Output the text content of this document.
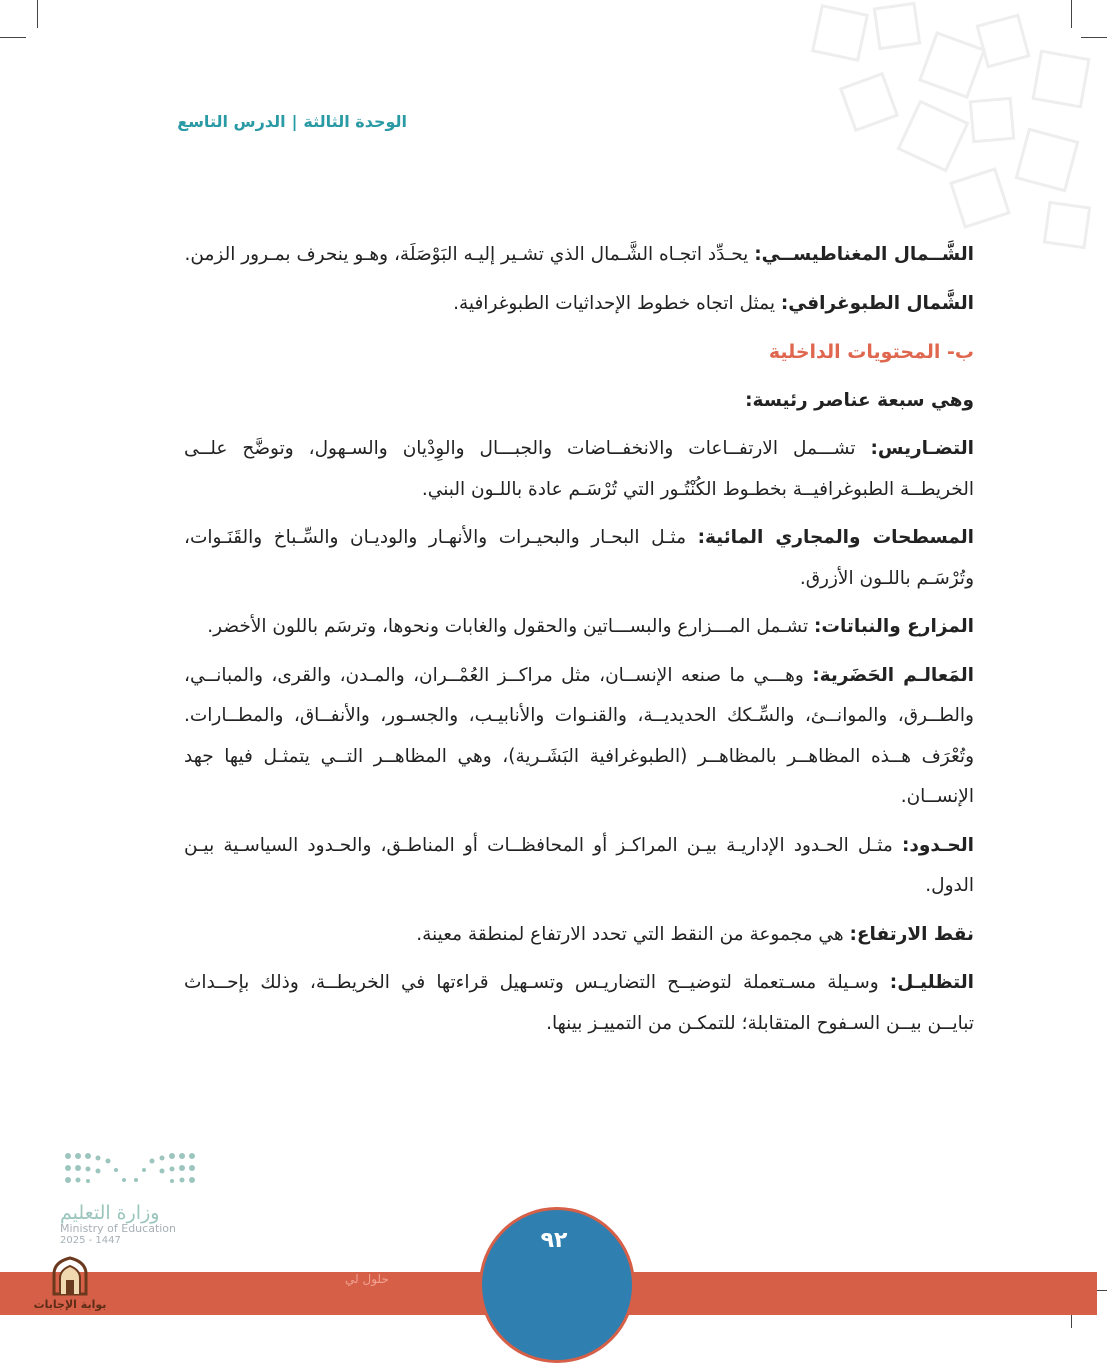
الوحدة الثالثة|الدرس التاسع

الشَّــمال المغناطيســي: يحـدِّد اتجـاه الشَّـمال الذي تشـير إليـه البَوْصَلَة، وهـو ينحرف بمـرور الزمن.

الشَّمال الطبوغرافي: يمثل اتجاه خطوط الإحداثيات الطبوغرافية.

ب- المحتويات الداخلية

وهي سبعة عناصر رئيسة:

التضـاريس: تشـــمل الارتفــاعات والانخفــاضات والجبـــال والوِدْيان والسـهول، وتوضَّح علــى الخريطــة الطبوغرافيــة بخطـوط الكُنْتُـور التي تُرْسَـم عادة باللـون البني.

المسطحات والمجاري المائية: مثـل البحـار والبحيـرات والأنهـار والوديـان والسِّـباخ والقَنَـوات، وتُرْسَـم باللـون الأزرق.

المزارع والنباتات: تشـمل المـــزارع والبســـاتين والحقول والغابات ونحوها، وترسَم باللون الأخضر.

المَعالـم الحَضَرية: وهـــي ما صنعه الإنســان، مثل مراكــز العُمْــران، والمـدن، والقرى، والمبانــي، والطــرق، والموانــئ، والسِّـكك الحديديــة، والقنـوات والأنابيـب، والجسـور، والأنفــاق، والمطــارات. وتُعْرَف هــذه المظاهــر بالمظاهــر (الطبوغرافية البَشَـرية)، وهي المظاهــر التــي يتمثـل فيها جهد الإنســان.

الحـدود: مثـل الحـدود الإداريـة بيـن المراكـز أو المحافظــات أو المناطـق، والحـدود السياسـية بيـن الدول.

نقط الارتفاع: هي مجموعة من النقط التي تحدد الارتفاع لمنطقة معينة.

التظليـل: وسـيلة مسـتعملة لتوضيــح التضاريـس وتسـهيل قراءتها في الخريطــة، وذلك بإحــداث تبايــن بيــن السـفوح المتقابلة؛ للتمكـن من التمييـز بينها.

وزارة التعليم
Ministry of Education
2025 - 1447	٩٢
حلول لي
بوابة الإجابات
